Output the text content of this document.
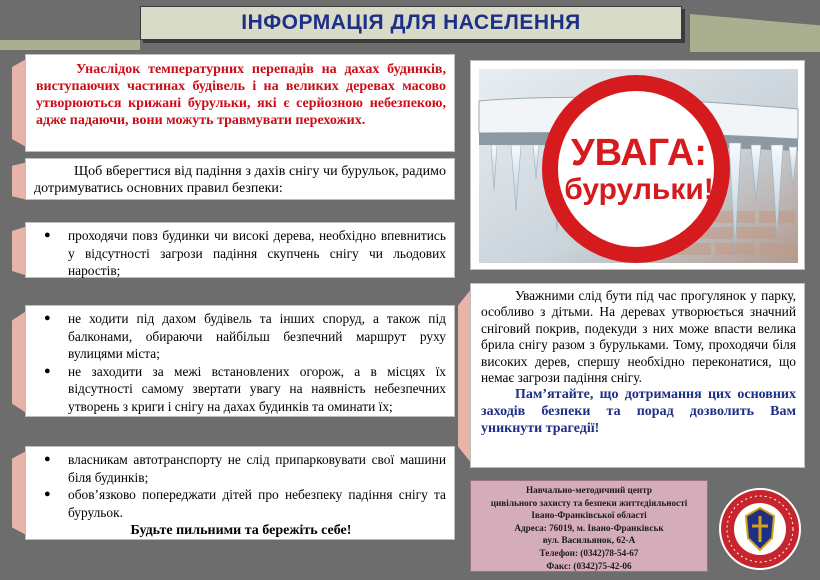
ІНФОРМАЦІЯ ДЛЯ НАСЕЛЕННЯ
Унаслідок температурних перепадів на дахах будинків, виступаючих частинах будівель і на великих деревах масово утворюються крижані бурульки, які є серйозною небезпекою, адже падаючи, вони можуть травмувати перехожих.
Щоб вберегтися від падіння з дахів снігу чи бурульок, радимо дотримуватись основних правил безпеки:
●	проходячи повз будинки чи високі дерева, необхідно впевнитись у відсутності загрози падіння скупчень снігу чи льодових наростів;
●	не ходити під дахом будівель та інших споруд, а також під балконами, обираючи найбільш безпечний маршрут руху вулицями міста;
●	не заходити за межі встановлених огорож, а в місцях їх відсутності самому звертати увагу на наявність небезпечних утворень з криги і снігу на дахах будинків та оминати їх;
●	власникам автотранспорту не слід припарковувати свої машини біля будинків;
●	обов’язково попереджати дітей про небезпеку падіння снігу та бурульок.
Будьте пильними та бережіть себе!
УВАГА:
бурульки!

Уважними слід бути під час прогулянок у парку, особливо з дітьми. На деревах утворюється значний сніговий покрив, подекуди з них може впасти велика брила снігу разом з бурульками. Тому, проходячи біля високих дерев, спершу необхідно переконатися, що немає загрози падіння снігу.

Пам’ятайте, що дотримання цих основних заходів безпеки та порад дозволить Вам уникнути трагедії!

Навчально-методичний центр
цивільного захисту та безпеки життєдіяльності
Івано-Франківської області
Адреса: 76019, м. Івано-Франківськ
вул. Васильянок, 62-А
Телефон: (0342)78-54-67
Факс: (0342)75-42-06
